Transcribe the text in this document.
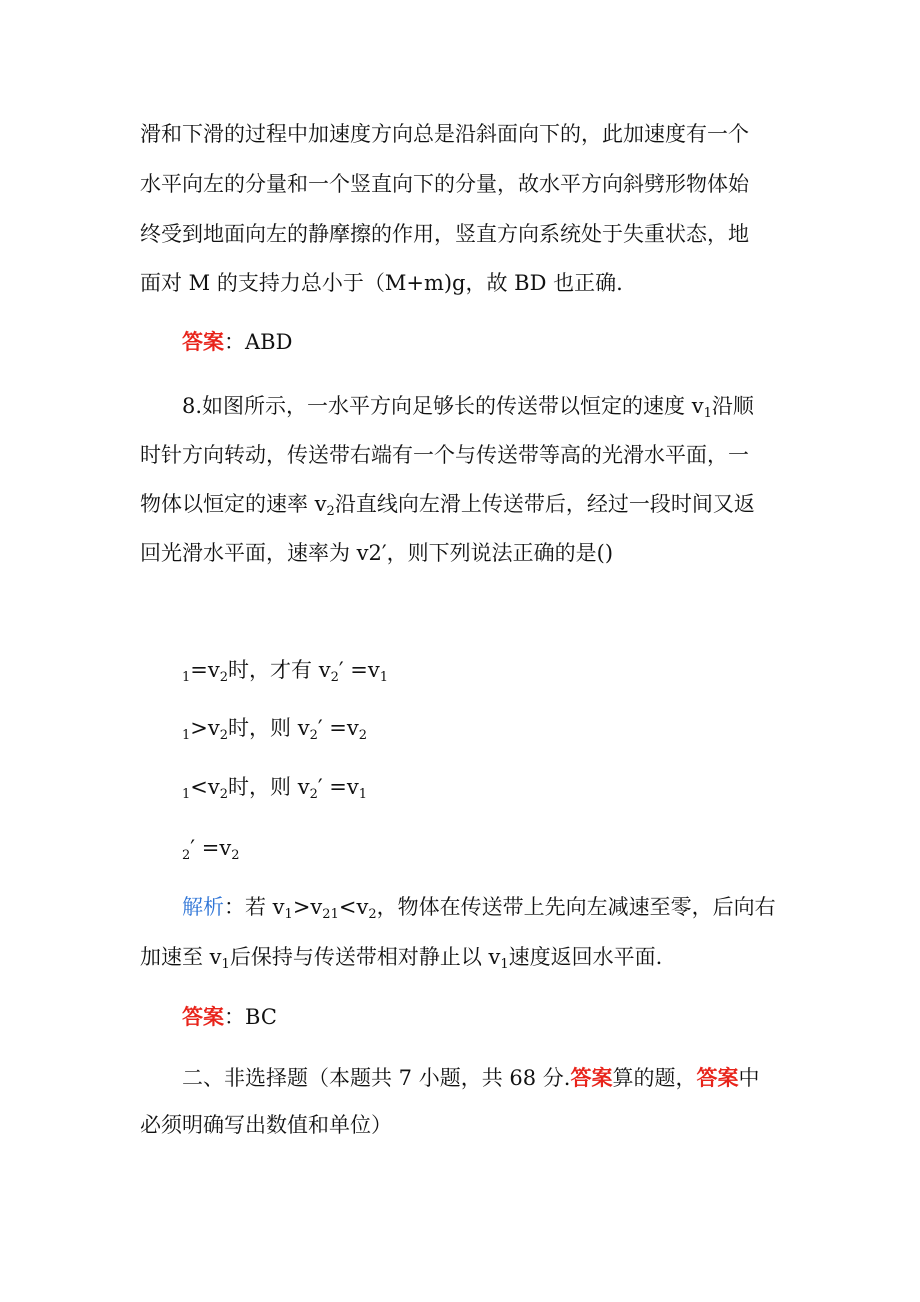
滑和下滑的过程中加速度方向总是沿斜面向下的，此加速度有一个
水平向左的分量和一个竖直向下的分量，故水平方向斜劈形物体始
终受到地面向左的静摩擦的作用，竖直方向系统处于失重状态，地
面对 M 的支持力总小于（M+m)g，故 BD 也正确.
答案：ABD
8.如图所示，一水平方向足够长的传送带以恒定的速度 $v_1$沿顺
时针方向转动，传送带右端有一个与传送带等高的光滑水平面，一
物体以恒定的速率 $v_2$沿直线向左滑上传送带后，经过一段时间又返
回光滑水平面，速率为 v2′，则下列说法正确的是()
$_1=v_2$时，才有 $v_2' =v_1$
$_1>v_2$时，则 $v_2' =v_2$
$_1<v_2$时，则 $v_2' =v_1$
$_2' =v_2$
解析：若 $v_1>v_{21}<v_2$，物体在传送带上先向左减速至零，后向右
加速至 $v_1$后保持与传送带相对静止以 $v_1$速度返回水平面.
答案：BC
二、非选择题（本题共 7 小题，共 68 分.答案算的题，答案中
必须明确写出数值和单位）
